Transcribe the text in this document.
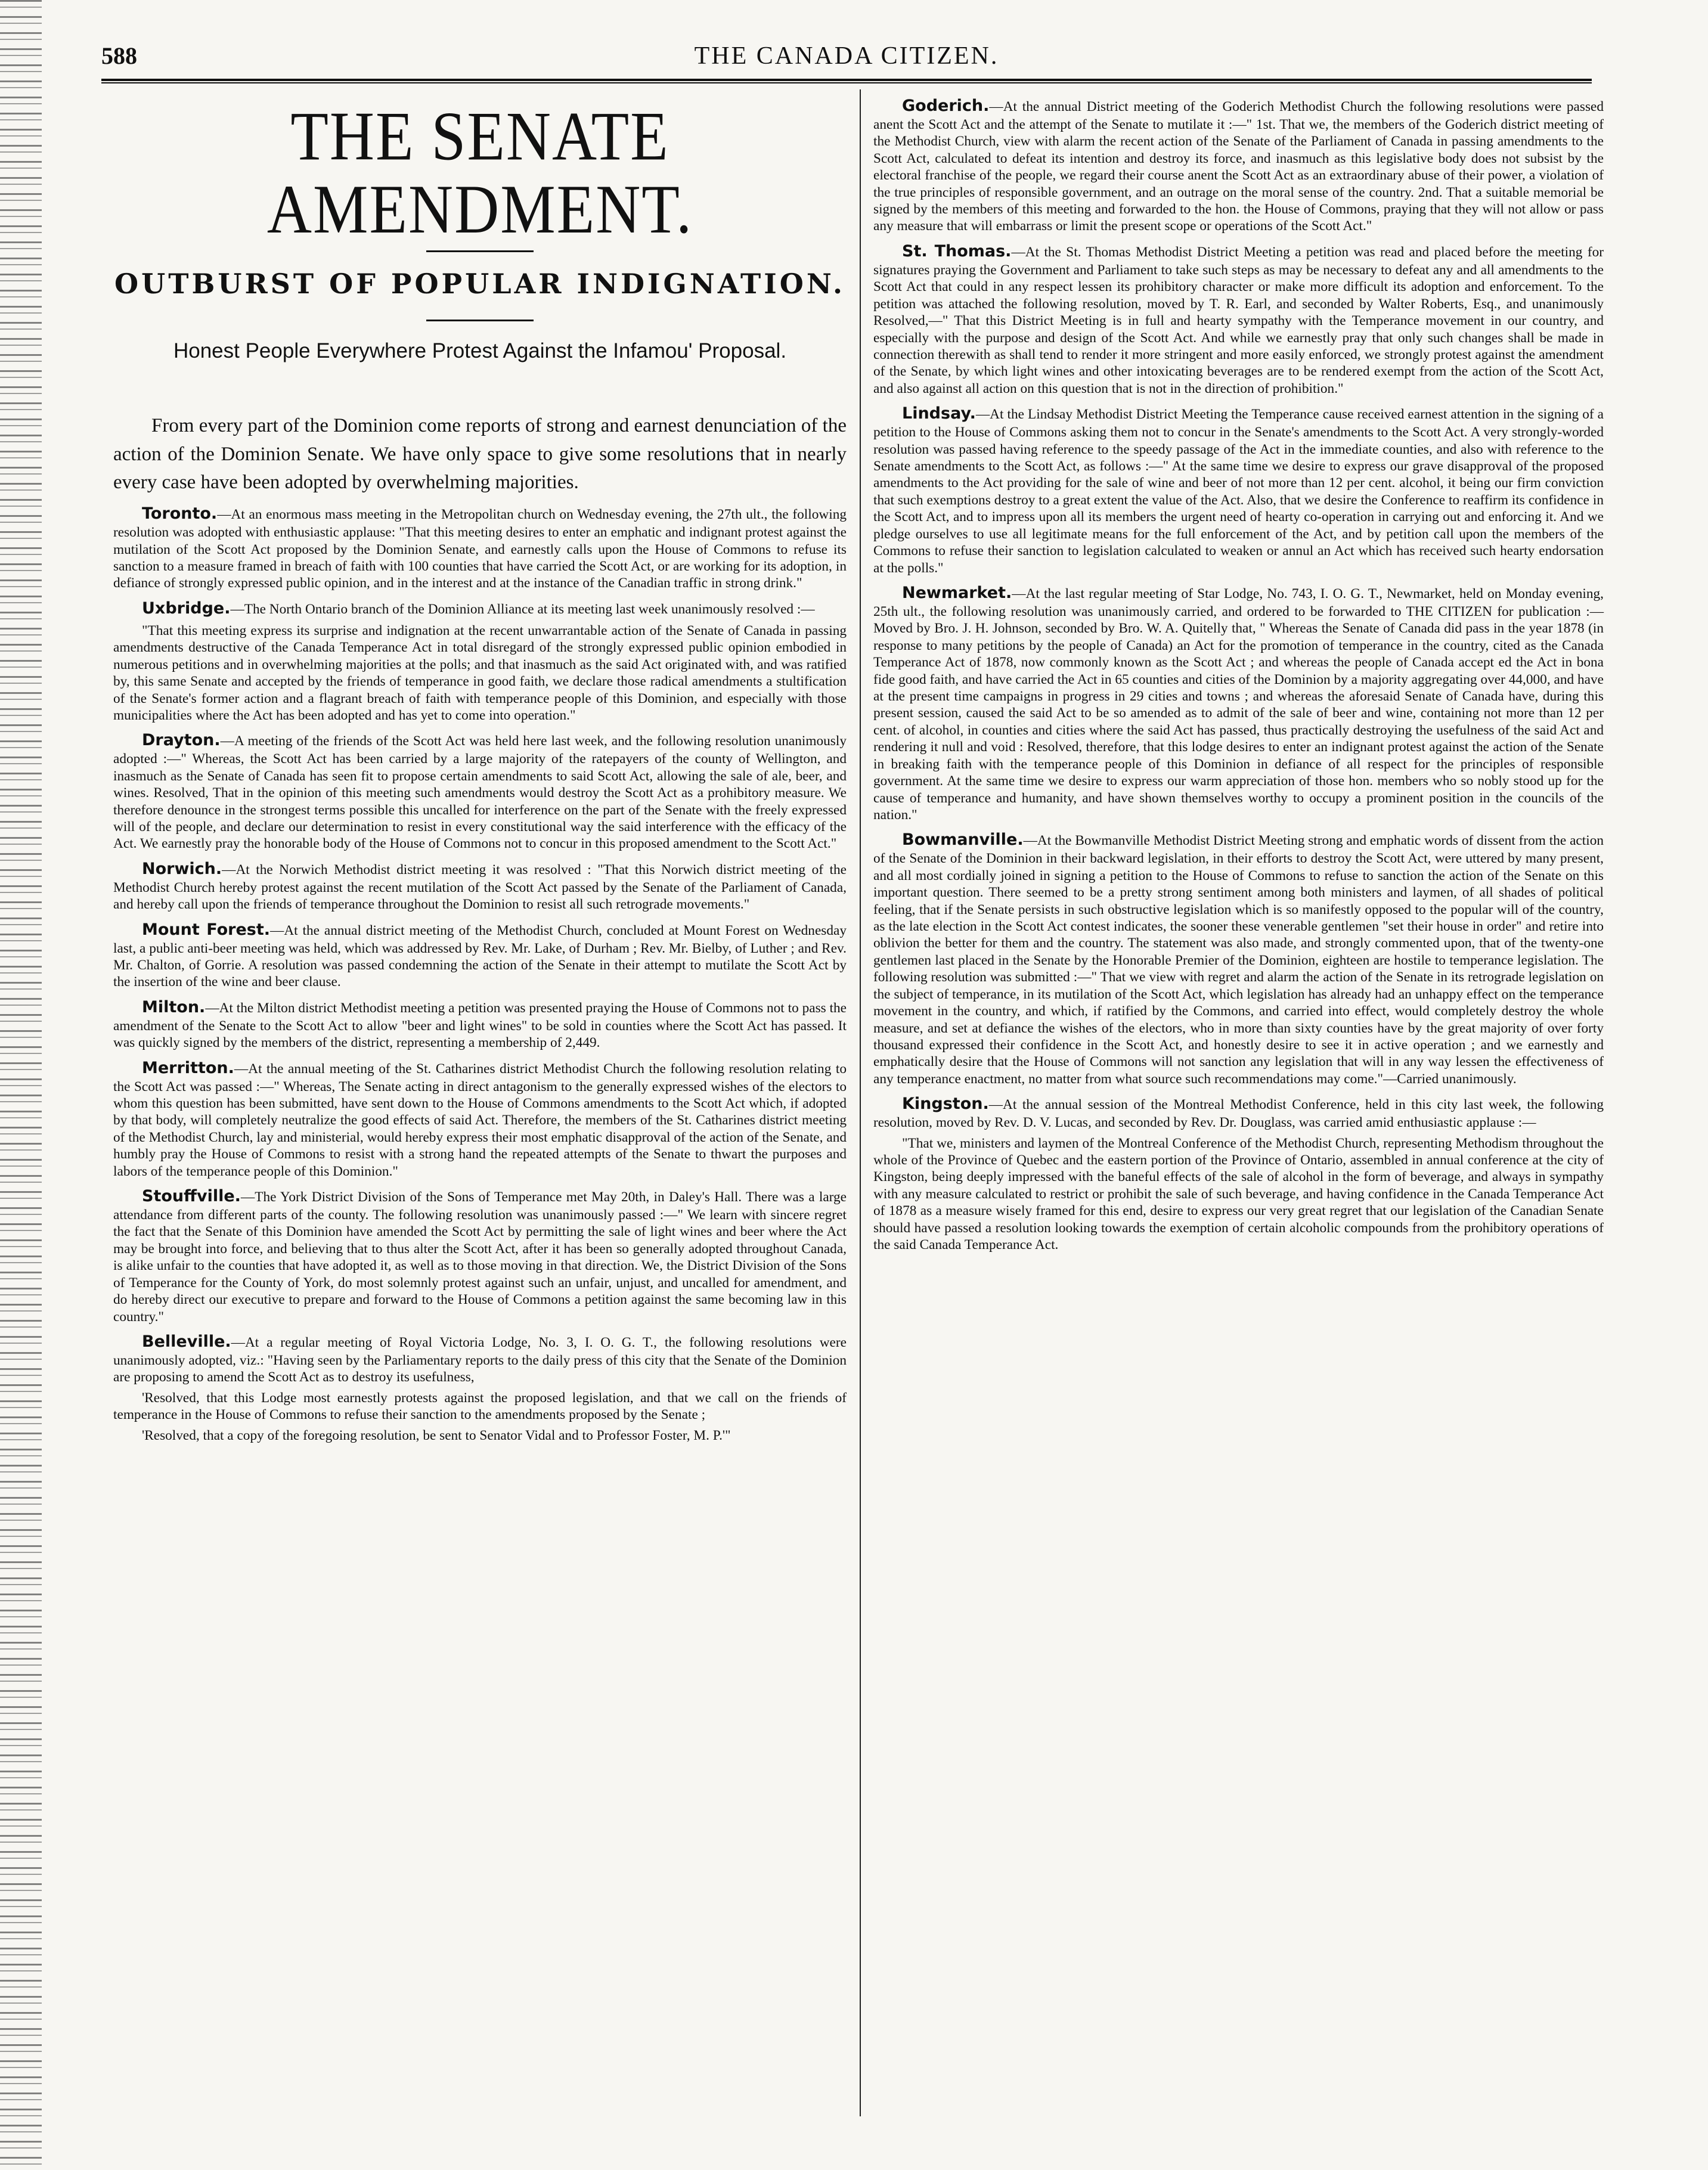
588	THE CANADA CITIZEN.
THE SENATE AMENDMENT.
OUTBURST OF POPULAR INDIGNATION.
Honest People Everywhere Protest Against the Infamou' Proposal.
From every part of the Dominion come reports of strong and earnest denunciation of the action of the Dominion Senate. We have only space to give some resolutions that in nearly every case have been adopted by overwhelming majorities.
Toronto.—At an enormous mass meeting in the Metropolitan church on Wednesday evening, the 27th ult., the following resolution was adopted with enthusiastic applause: "That this meeting desires to enter an emphatic and indignant protest against the mutilation of the Scott Act proposed by the Dominion Senate, and earnestly calls upon the House of Commons to refuse its sanction to a measure framed in breach of faith with 100 counties that have carried the Scott Act, or are working for its adoption, in defiance of strongly expressed public opinion, and in the interest and at the instance of the Canadian traffic in strong drink."
Uxbridge.—The North Ontario branch of the Dominion Alliance at its meeting last week unanimously resolved :—
"That this meeting express its surprise and indignation at the recent unwarrantable action of the Senate of Canada in passing amendments destructive of the Canada Temperance Act in total disregard of the strongly expressed public opinion embodied in numerous petitions and in overwhelming majorities at the polls; and that inasmuch as the said Act originated with, and was ratified by, this same Senate and accepted by the friends of temperance in good faith, we declare those radical amendments a stultification of the Senate's former action and a flagrant breach of faith with temperance people of this Dominion, and especially with those municipalities where the Act has been adopted and has yet to come into operation."
Drayton.—A meeting of the friends of the Scott Act was held here last week, and the following resolution unanimously adopted :—" Whereas, the Scott Act has been carried by a large majority of the ratepayers of the county of Wellington, and inasmuch as the Senate of Canada has seen fit to propose certain amendments to said Scott Act, allowing the sale of ale, beer, and wines. Resolved, That in the opinion of this meeting such amendments would destroy the Scott Act as a prohibitory measure. We therefore denounce in the strongest terms possible this uncalled for interference on the part of the Senate with the freely expressed will of the people, and declare our determination to resist in every constitutional way the said interference with the efficacy of the Act. We earnestly pray the honorable body of the House of Commons not to concur in this proposed amendment to the Scott Act."
Norwich.—At the Norwich Methodist district meeting it was resolved : "That this Norwich district meeting of the Methodist Church hereby protest against the recent mutilation of the Scott Act passed by the Senate of the Parliament of Canada, and hereby call upon the friends of temperance throughout the Dominion to resist all such retrograde movements."
Mount Forest.—At the annual district meeting of the Methodist Church, concluded at Mount Forest on Wednesday last, a public anti-beer meeting was held, which was addressed by Rev. Mr. Lake, of Durham ; Rev. Mr. Bielby, of Luther ; and Rev. Mr. Chalton, of Gorrie. A resolution was passed condemning the action of the Senate in their attempt to mutilate the Scott Act by the insertion of the wine and beer clause.
Milton.—At the Milton district Methodist meeting a petition was presented praying the House of Commons not to pass the amendment of the Senate to the Scott Act to allow "beer and light wines" to be sold in counties where the Scott Act has passed. It was quickly signed by the members of the district, representing a membership of 2,449.
Merritton.—At the annual meeting of the St. Catharines district Methodist Church the following resolution relating to the Scott Act was passed :—" Whereas, The Senate acting in direct antagonism to the generally expressed wishes of the electors to whom this question has been submitted, have sent down to the House of Commons amendments to the Scott Act which, if adopted by that body, will completely neutralize the good effects of said Act. Therefore, the members of the St. Catharines district meeting of the Methodist Church, lay and ministerial, would hereby express their most emphatic disapproval of the action of the Senate, and humbly pray the House of Commons to resist with a strong hand the repeated attempts of the Senate to thwart the purposes and labors of the temperance people of this Dominion."
Stouffville.—The York District Division of the Sons of Temperance met May 20th, in Daley's Hall. There was a large attendance from different parts of the county. The following resolution was unanimously passed :—" We learn with sincere regret the fact that the Senate of this Dominion have amended the Scott Act by permitting the sale of light wines and beer where the Act may be brought into force, and believing that to thus alter the Scott Act, after it has been so generally adopted throughout Canada, is alike unfair to the counties that have adopted it, as well as to those moving in that direction. We, the District Division of the Sons of Temperance for the County of York, do most solemnly protest against such an unfair, unjust, and uncalled for amendment, and do hereby direct our executive to prepare and forward to the House of Commons a petition against the same becoming law in this country."
Belleville.—At a regular meeting of Royal Victoria Lodge, No. 3, I. O. G. T., the following resolutions were unanimously adopted, viz.: "Having seen by the Parliamentary reports to the daily press of this city that the Senate of the Dominion are proposing to amend the Scott Act as to destroy its usefulness,
'Resolved, that this Lodge most earnestly protests against the proposed legislation, and that we call on the friends of temperance in the House of Commons to refuse their sanction to the amendments proposed by the Senate ;
'Resolved, that a copy of the foregoing resolution, be sent to Senator Vidal and to Professor Foster, M. P.'"
Goderich.—At the annual District meeting of the Goderich Methodist Church the following resolutions were passed anent the Scott Act and the attempt of the Senate to mutilate it :—" 1st. That we, the members of the Goderich district meeting of the Methodist Church, view with alarm the recent action of the Senate of the Parliament of Canada in passing amendments to the Scott Act, calculated to defeat its intention and destroy its force, and inasmuch as this legislative body does not subsist by the electoral franchise of the people, we regard their course anent the Scott Act as an extraordinary abuse of their power, a violation of the true principles of responsible government, and an outrage on the moral sense of the country. 2nd. That a suitable memorial be signed by the members of this meeting and forwarded to the hon. the House of Commons, praying that they will not allow or pass any measure that will embarrass or limit the present scope or operations of the Scott Act."
St. Thomas.—At the St. Thomas Methodist District Meeting a petition was read and placed before the meeting for signatures praying the Government and Parliament to take such steps as may be necessary to defeat any and all amendments to the Scott Act that could in any respect lessen its prohibitory character or make more difficult its adoption and enforcement. To the petition was attached the following resolution, moved by T. R. Earl, and seconded by Walter Roberts, Esq., and unanimously Resolved,—" That this District Meeting is in full and hearty sympathy with the Temperance movement in our country, and especially with the purpose and design of the Scott Act. And while we earnestly pray that only such changes shall be made in connection therewith as shall tend to render it more stringent and more easily enforced, we strongly protest against the amendment of the Senate, by which light wines and other intoxicating beverages are to be rendered exempt from the action of the Scott Act, and also against all action on this question that is not in the direction of prohibition."
Lindsay.—At the Lindsay Methodist District Meeting the Temperance cause received earnest attention in the signing of a petition to the House of Commons asking them not to concur in the Senate's amendments to the Scott Act. A very strongly-worded resolution was passed having reference to the speedy passage of the Act in the immediate counties, and also with reference to the Senate amendments to the Scott Act, as follows :—" At the same time we desire to express our grave disapproval of the proposed amendments to the Act providing for the sale of wine and beer of not more than 12 per cent. alcohol, it being our firm conviction that such exemptions destroy to a great extent the value of the Act. Also, that we desire the Conference to reaffirm its confidence in the Scott Act, and to impress upon all its members the urgent need of hearty co-operation in carrying out and enforcing it. And we pledge ourselves to use all legitimate means for the full enforcement of the Act, and by petition call upon the members of the Commons to refuse their sanction to legislation calculated to weaken or annul an Act which has received such hearty endorsation at the polls."
Newmarket.—At the last regular meeting of Star Lodge, No. 743, I. O. G. T., Newmarket, held on Monday evening, 25th ult., the following resolution was unanimously carried, and ordered to be forwarded to THE CITIZEN for publication :—Moved by Bro. J. H. Johnson, seconded by Bro. W. A. Quitelly that, " Whereas the Senate of Canada did pass in the year 1878 (in response to many petitions by the people of Canada) an Act for the promotion of temperance in the country, cited as the Canada Temperance Act of 1878, now commonly known as the Scott Act ; and whereas the people of Canada accept ed the Act in bona fide good faith, and have carried the Act in 65 counties and cities of the Dominion by a majority aggregating over 44,000, and have at the present time campaigns in progress in 29 cities and towns ; and whereas the aforesaid Senate of Canada have, during this present session, caused the said Act to be so amended as to admit of the sale of beer and wine, containing not more than 12 per cent. of alcohol, in counties and cities where the said Act has passed, thus practically destroying the usefulness of the said Act and rendering it null and void : Resolved, therefore, that this lodge desires to enter an indignant protest against the action of the Senate in breaking faith with the temperance people of this Dominion in defiance of all respect for the principles of responsible government. At the same time we desire to express our warm appreciation of those hon. members who so nobly stood up for the cause of temperance and humanity, and have shown themselves worthy to occupy a prominent position in the councils of the nation."
Bowmanville.—At the Bowmanville Methodist District Meeting strong and emphatic words of dissent from the action of the Senate of the Dominion in their backward legislation, in their efforts to destroy the Scott Act, were uttered by many present, and all most cordially joined in signing a petition to the House of Commons to refuse to sanction the action of the Senate on this important question. There seemed to be a pretty strong sentiment among both ministers and laymen, of all shades of political feeling, that if the Senate persists in such obstructive legislation which is so manifestly opposed to the popular will of the country, as the late election in the Scott Act contest indicates, the sooner these venerable gentlemen "set their house in order" and retire into oblivion the better for them and the country. The statement was also made, and strongly commented upon, that of the twenty-one gentlemen last placed in the Senate by the Honorable Premier of the Dominion, eighteen are hostile to temperance legislation. The following resolution was submitted :—" That we view with regret and alarm the action of the Senate in its retrograde legislation on the subject of temperance, in its mutilation of the Scott Act, which legislation has already had an unhappy effect on the temperance movement in the country, and which, if ratified by the Commons, and carried into effect, would completely destroy the whole measure, and set at defiance the wishes of the electors, who in more than sixty counties have by the great majority of over forty thousand expressed their confidence in the Scott Act, and honestly desire to see it in active operation ; and we earnestly and emphatically desire that the House of Commons will not sanction any legislation that will in any way lessen the effectiveness of any temperance enactment, no matter from what source such recommendations may come."—Carried unanimously.
Kingston.—At the annual session of the Montreal Methodist Conference, held in this city last week, the following resolution, moved by Rev. D. V. Lucas, and seconded by Rev. Dr. Douglass, was carried amid enthusiastic applause :—
"That we, ministers and laymen of the Montreal Conference of the Methodist Church, representing Methodism throughout the whole of the Province of Quebec and the eastern portion of the Province of Ontario, assembled in annual conference at the city of Kingston, being deeply impressed with the baneful effects of the sale of alcohol in the form of beverage, and always in sympathy with any measure calculated to restrict or prohibit the sale of such beverage, and having confidence in the Canada Temperance Act of 1878 as a measure wisely framed for this end, desire to express our very great regret that our legislation of the Canadian Senate should have passed a resolution looking towards the exemption of certain alcoholic compounds from the prohibitory operations of the said Canada Temperance Act.
